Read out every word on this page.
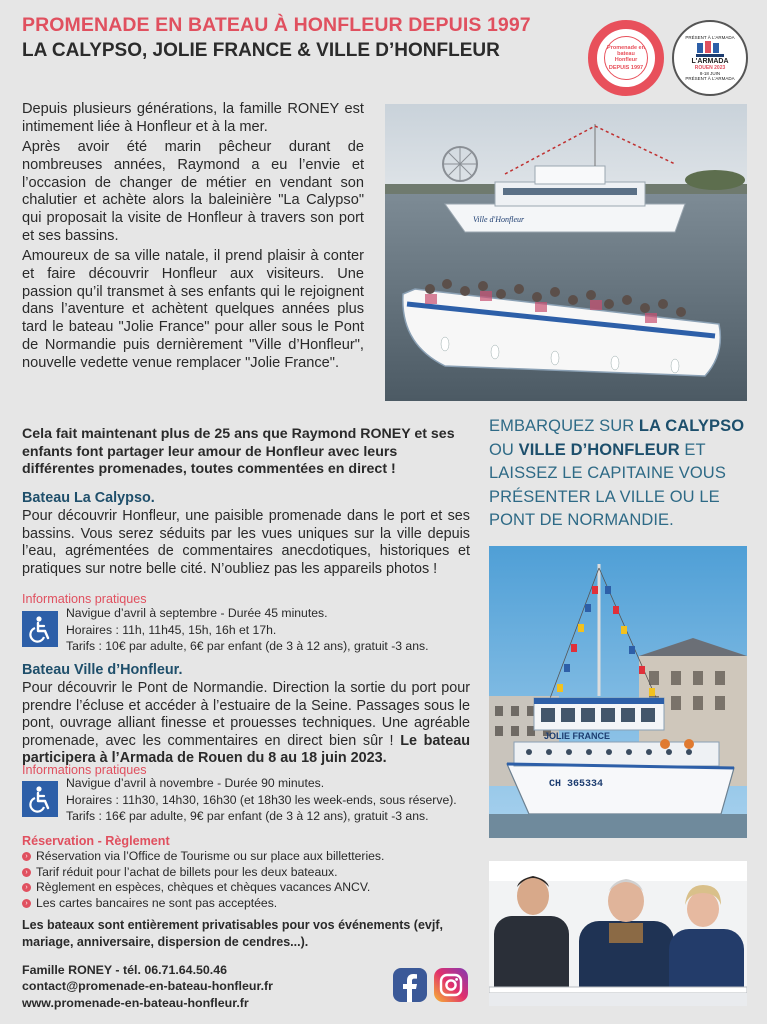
PROMENADE EN BATEAU À HONFLEUR DEPUIS 1997
LA CALYPSO, JOLIE FRANCE & VILLE D’HONFLEUR	Promenade en bateau Honfleur
DEPUIS 1997
PRÉSENT À L'ARMADA
L'ARMADA
ROUEN 2023
8-18 JUIN
PRÉSENT À L'ARMADA

Depuis plusieurs générations, la famille RONEY est intimement liée à Honfleur et à la mer.

Après avoir été marin pêcheur durant de nombreuses années, Raymond a eu l’envie et l’occasion de changer de métier en vendant son chalutier et achète alors la baleinière "La Calypso" qui proposait la visite de Honfleur à travers son port et ses bassins.

Amoureux de sa ville natale, il prend plaisir à conter et faire découvrir Honfleur aux visiteurs. Une passion qu’il transmet à ses enfants qui le rejoignent dans l’aventure et achètent quelques années plus tard le bateau "Jolie France" pour aller sous le Pont de Normandie puis dernièrement "Ville d’Honfleur", nouvelle vedette venue remplacer "Jolie France".

Cela fait maintenant plus de 25 ans que Raymond RONEY et ses enfants font partager leur amour de Honfleur avec leurs différentes promenades, toutes commentées en direct !

Ville d'Honfleur
EMBARQUEZ SUR LA CALYPSO OU VILLE D’HONFLEUR ET LAISSEZ LE CAPITAINE VOUS PRÉSENTER LA VILLE OU LE PONT DE NORMANDIE.
Bateau La Calypso.

Pour découvrir Honfleur, une paisible promenade dans le port et ses bassins. Vous serez séduits par les vues uniques sur la ville depuis l’eau, agrémentées de commentaires anecdotiques, historiques et pratiques sur notre belle cité. N’oubliez pas les appareils photos !

Informations pratiques
Navigue d’avril à septembre - Durée 45 minutes.
Horaires : 11h, 11h45, 15h, 16h et 17h.
Tarifs : 10€ par adulte, 6€ par enfant (de 3 à 12 ans), gratuit -3 ans.
Bateau Ville d’Honfleur.

Pour découvrir le Pont de Normandie. Direction la sortie du port pour prendre l’écluse et accéder à l’estuaire de la Seine. Passages sous le pont, ouvrage alliant finesse et prouesses techniques. Une agréable promenade, avec les commentaires en direct bien sûr ! Le bateau participera à l’Armada de Rouen du 8 au 18 juin 2023.

Informations pratiques
Navigue d’avril à novembre - Durée 90 minutes.
Horaires : 11h30, 14h30, 16h30 (et 18h30 les week-ends, sous réserve).
Tarifs : 16€ par adulte, 9€ par enfant (de 3 à 12 ans), gratuit -3 ans.
Réservation - Règlement
› Réservation via l’Office de Tourisme ou sur place aux billetteries.
› Tarif réduit pour l’achat de billets pour les deux bateaux.
› Règlement en espèces, chèques et chèques vacances ANCV.
› Les cartes bancaires ne sont pas acceptées.

Les bateaux sont entièrement privatisables pour vos événements (evjf, mariage, anniversaire, dispersion de cendres...).

Famille RONEY - tél. 06.71.64.50.46
contact@promenade-en-bateau-honfleur.fr
www.promenade-en-bateau-honfleur.fr
JOLIE FRANCE
CH 365334
